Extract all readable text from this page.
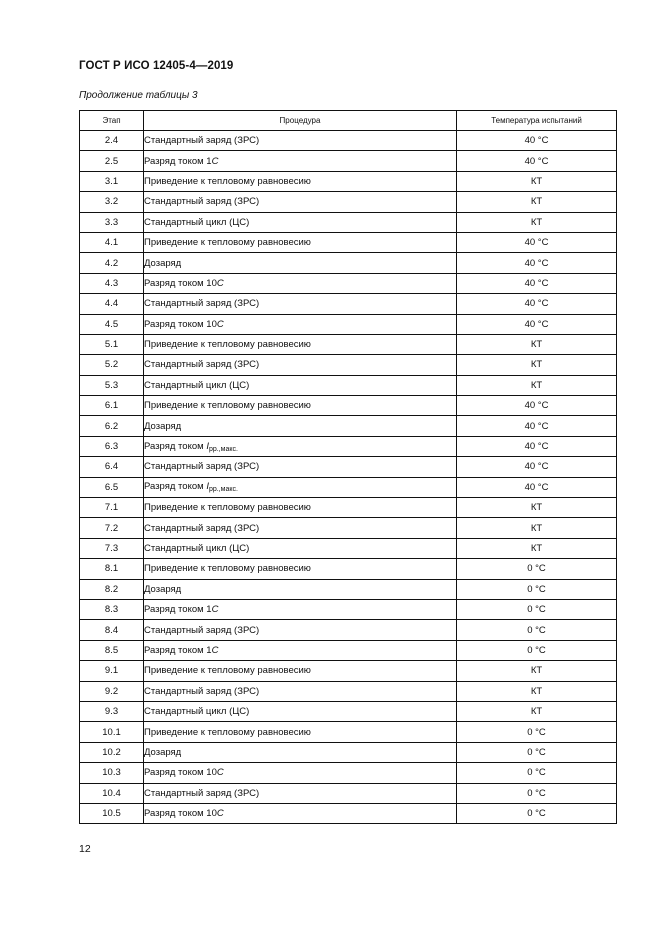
ГОСТ Р ИСО 12405-4—2019
Продолжение таблицы 3
Этап	Процедура	Температура испытаний
2.4	Стандартный заряд (ЗРС)	40 °C
2.5	Разряд током 1C	40 °C
3.1	Приведение к тепловому равновесию	КТ
3.2	Стандартный заряд (ЗРС)	КТ
3.3	Стандартный цикл (ЦС)	КТ
4.1	Приведение к тепловому равновесию	40 °C
4.2	Дозаряд	40 °C
4.3	Разряд током 10C	40 °C
4.4	Стандартный заряд (ЗРС)	40 °C
4.5	Разряд током 10C	40 °C
5.1	Приведение к тепловому равновесию	КТ
5.2	Стандартный заряд (ЗРС)	КТ
5.3	Стандартный цикл (ЦС)	КТ
6.1	Приведение к тепловому равновесию	40 °C
6.2	Дозаряд	40 °C
6.3	Разряд током $I_{рр.,макс.}$	40 °C
6.4	Стандартный заряд (ЗРС)	40 °C
6.5	Разряд током $I_{рр.,макс.}$	40 °C
7.1	Приведение к тепловому равновесию	КТ
7.2	Стандартный заряд (ЗРС)	КТ
7.3	Стандартный цикл (ЦС)	КТ
8.1	Приведение к тепловому равновесию	0 °C
8.2	Дозаряд	0 °C
8.3	Разряд током 1C	0 °C
8.4	Стандартный заряд (ЗРС)	0 °C
8.5	Разряд током 1C	0 °C
9.1	Приведение к тепловому равновесию	КТ
9.2	Стандартный заряд (ЗРС)	КТ
9.3	Стандартный цикл (ЦС)	КТ
10.1	Приведение к тепловому равновесию	0 °C
10.2	Дозаряд	0 °C
10.3	Разряд током 10C	0 °C
10.4	Стандартный заряд (ЗРС)	0 °C
10.5	Разряд током 10C	0 °C
12
